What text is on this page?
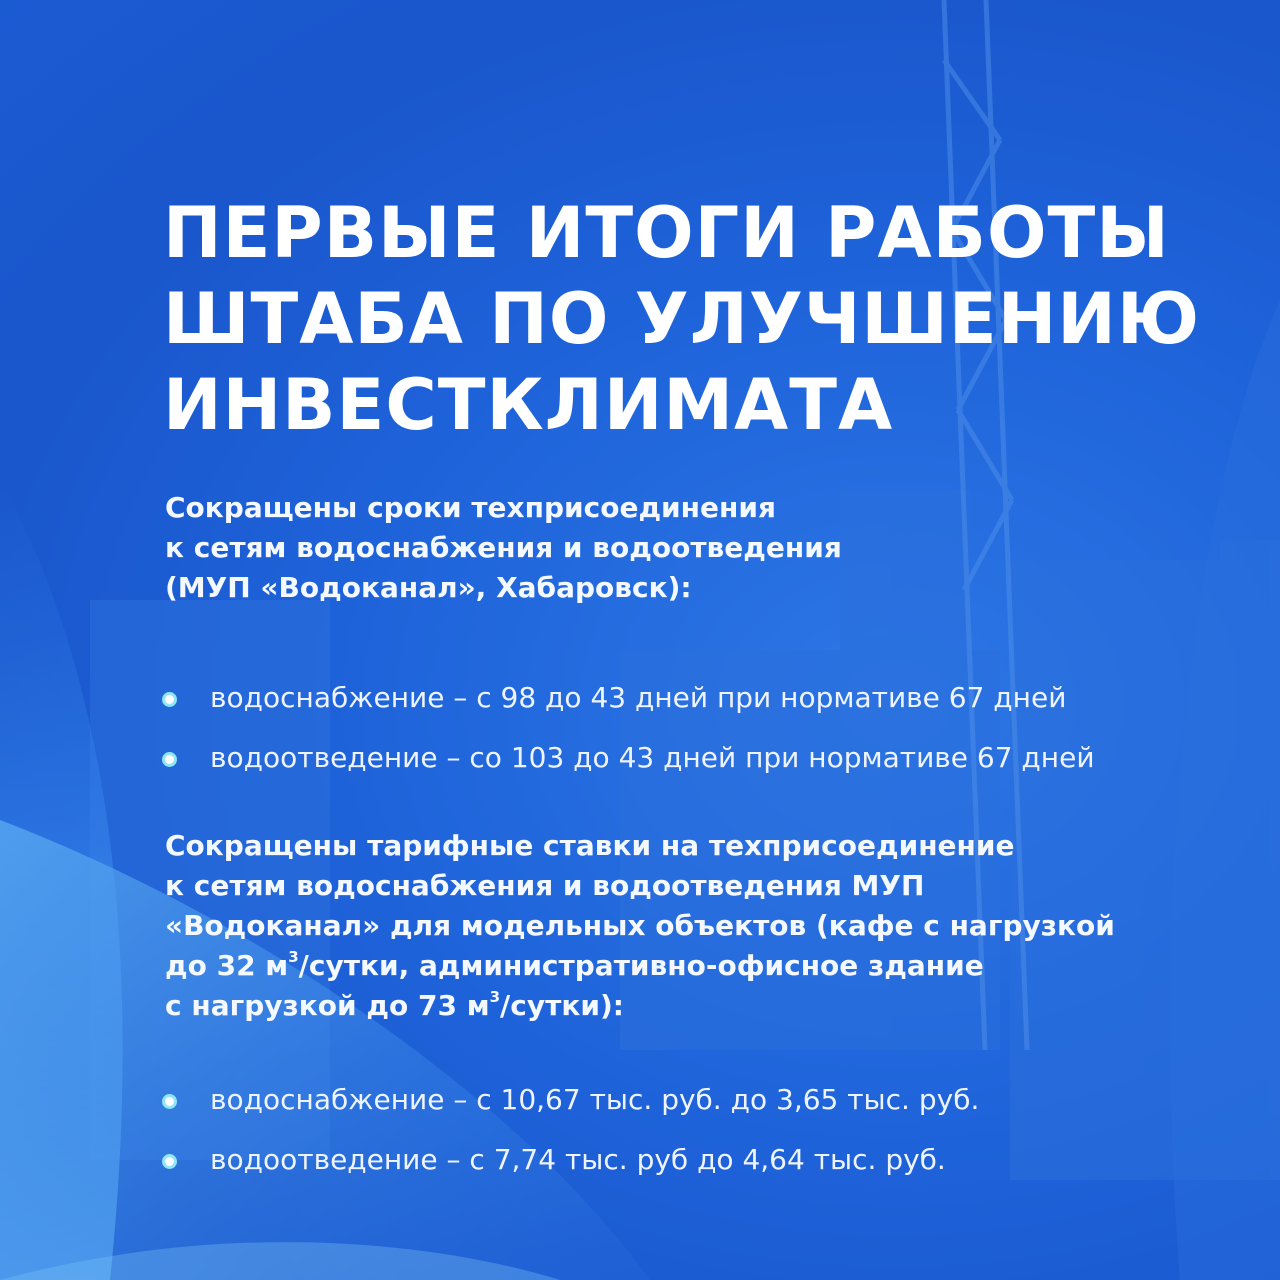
ПЕРВЫЕ ИТОГИ РАБОТЫ
ШТАБА ПО УЛУЧШЕНИЮ
ИНВЕСТКЛИМАТА

Сокращены сроки техприсоединения
к сетям водоснабжения и водоотведения
(МУП «Водоканал», Хабаровск):

водоснабжение – с 98 до 43 дней при нормативе 67 дней
водоотведение – со 103 до 43 дней при нормативе 67 дней

Сокращены тарифные ставки на техприсоединение
к сетям водоснабжения и водоотведения МУП
«Водоканал» для модельных объектов (кафе с нагрузкой
до 32 $м^3$/сутки, административно-офисное здание
с нагрузкой до 73 $м^3/сутки$):

водоснабжение – с 10,67 тыс. руб. до 3,65 тыс. руб.
водоотведение – с 7,74 тыс. руб до 4,64 тыс. руб.
